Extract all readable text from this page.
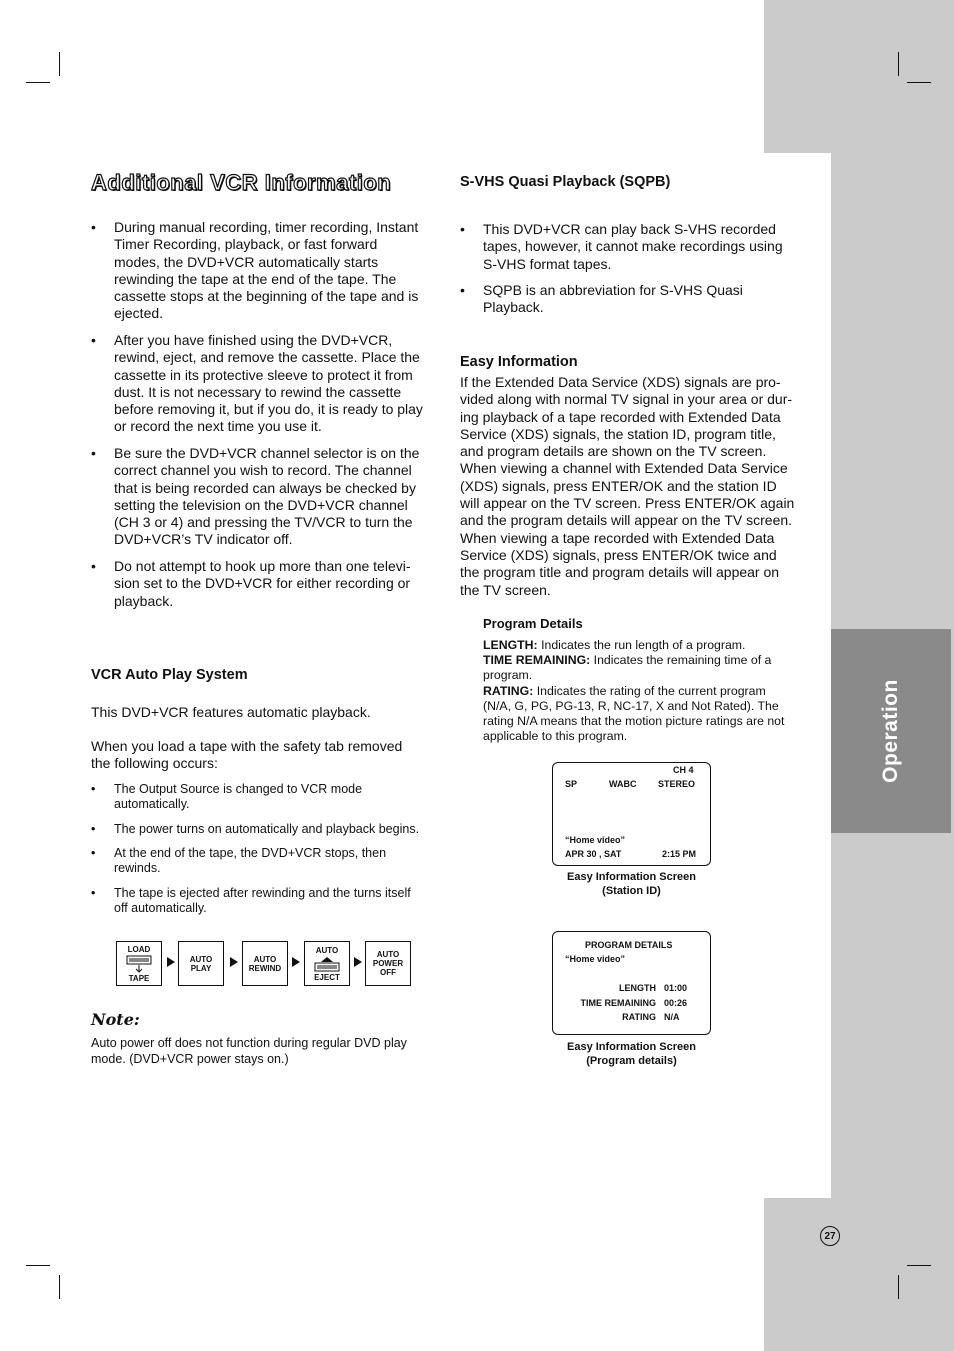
Operation
27
Additional VCR Information
• During manual recording, timer recording, Instant
Timer Recording, playback, or fast forward
modes, the DVD+VCR automatically starts
rewinding the tape at the end of the tape. The
cassette stops at the beginning of the tape and is
ejected.
• After you have finished using the DVD+VCR,
rewind, eject, and remove the cassette. Place the
cassette in its protective sleeve to protect it from
dust. It is not necessary to rewind the cassette
before removing it, but if you do, it is ready to play
or record the next time you use it.
• Be sure the DVD+VCR channel selector is on the
correct channel you wish to record. The channel
that is being recorded can always be checked by
setting the television on the DVD+VCR channel
(CH 3 or 4) and pressing the TV/VCR to turn the
DVD+VCR’s TV indicator off.
• Do not attempt to hook up more than one televi-
sion set to the DVD+VCR for either recording or
playback.
VCR Auto Play System
This DVD+VCR features automatic playback.
When you load a tape with the safety tab removed
the following occurs:
• The Output Source is changed to VCR mode
automatically.
• The power turns on automatically and playback begins.
• At the end of the tape, the DVD+VCR stops, then
rewinds.
• The tape is ejected after rewinding and the turns itself
off automatically.
LOAD
TAPE
AUTO
PLAY
AUTO
REWIND
AUTO
EJECT
AUTO
POWER
OFF
Note:
Auto power off does not function during regular DVD play
mode. (DVD+VCR power stays on.)
S-VHS Quasi Playback (SQPB)
• This DVD+VCR can play back S-VHS recorded
tapes, however, it cannot make recordings using
S-VHS format tapes.
• SQPB is an abbreviation for S-VHS Quasi
Playback.
Easy Information
If the Extended Data Service (XDS) signals are pro-
vided along with normal TV signal in your area or dur-
ing playback of a tape recorded with Extended Data
Service (XDS) signals, the station ID, program title,
and program details are shown on the TV screen.
When viewing a channel with Extended Data Service
(XDS) signals, press ENTER/OK and the station ID
will appear on the TV screen. Press ENTER/OK again
and the program details will appear on the TV screen.
When viewing a tape recorded with Extended Data
Service (XDS) signals, press ENTER/OK twice and
the program title and program details will appear on
the TV screen.
Program Details
LENGTH: Indicates the run length of a program.
TIME REMAINING: Indicates the remaining time of a
program.
RATING: Indicates the rating of the current program
(N/A, G, PG, PG-13, R, NC-17, X and Not Rated). The
rating N/A means that the motion picture ratings are not
applicable to this program.
CH 4
SP	WABC STEREO
“Home video”
APR 30 , SAT	2:15 PM
Easy Information Screen
(Station ID)
PROGRAM DETAILS
“Home video”
LENGTH 01:00
TIME REMAINING 00:26
RATING N/A
Easy Information Screen
(Program details)
